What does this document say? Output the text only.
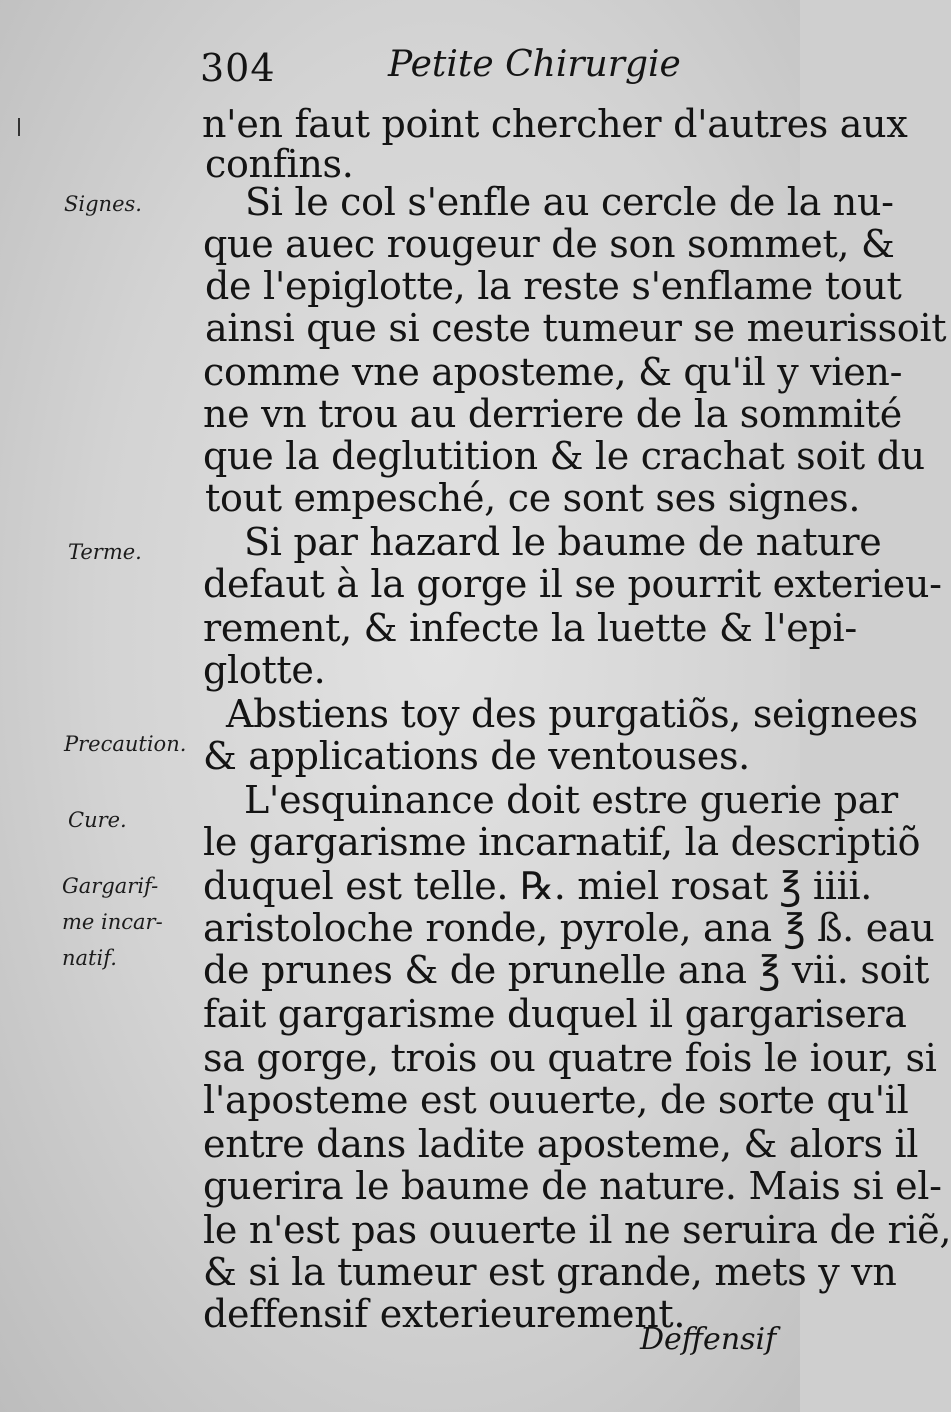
304	Petite Chirurgie
n'en faut point chercher d'autres aux
confins.
Si le col s'enfle au cercle de la nu-
que auec rougeur de son sommet, &
de l'epiglotte, la reste s'enflame tout
ainsi que si ceste tumeur se meurissoit
comme vne aposteme, & qu'il y vien-
ne vn trou au derriere de la sommité
que la deglutition & le crachat soit du
tout empesché, ce sont ses signes.
Si par hazard le baume de nature
defaut à la gorge il se pourrit exterieu-
rement, & infecte la luette & l'epi-
glotte.
Abstiens toy des purgatiõs, seignees
& applications de ventouses.
L'esquinance doit estre guerie par
le gargarisme incarnatif, la descriptiõ
duquel est telle. ℞. miel rosat ℥ iiii.
aristoloche ronde, pyrole, ana ℥ ß. eau
de prunes & de prunelle ana ℥ vii. soit
fait gargarisme duquel il gargarisera
sa gorge, trois ou quatre fois le iour, si
l'aposteme est ouuerte, de sorte qu'il
entre dans ladite aposteme, & alors il
guerira le baume de nature. Mais si el-
le n'est pas ouuerte il ne seruira de riẽ,
& si la tumeur est grande, mets y vn
deffensif exterieurement.
Signes.
Terme.
Precaution.
Cure.
Gargarif-
me incar-
natif.
Deffensif
